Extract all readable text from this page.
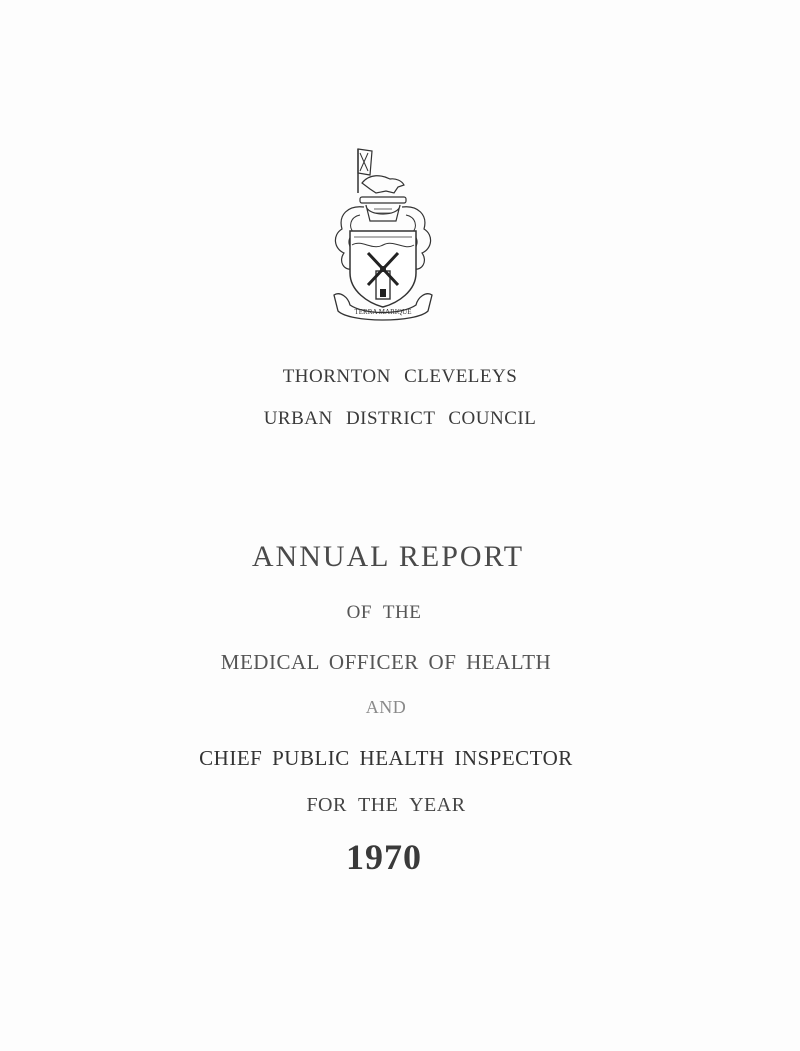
TERRA MARIQUE
THORNTON CLEVELEYS
URBAN DISTRICT COUNCIL
ANNUAL REPORT
OF THE
MEDICAL OFFICER OF HEALTH
AND
CHIEF PUBLIC HEALTH INSPECTOR
FOR THE YEAR
1970
